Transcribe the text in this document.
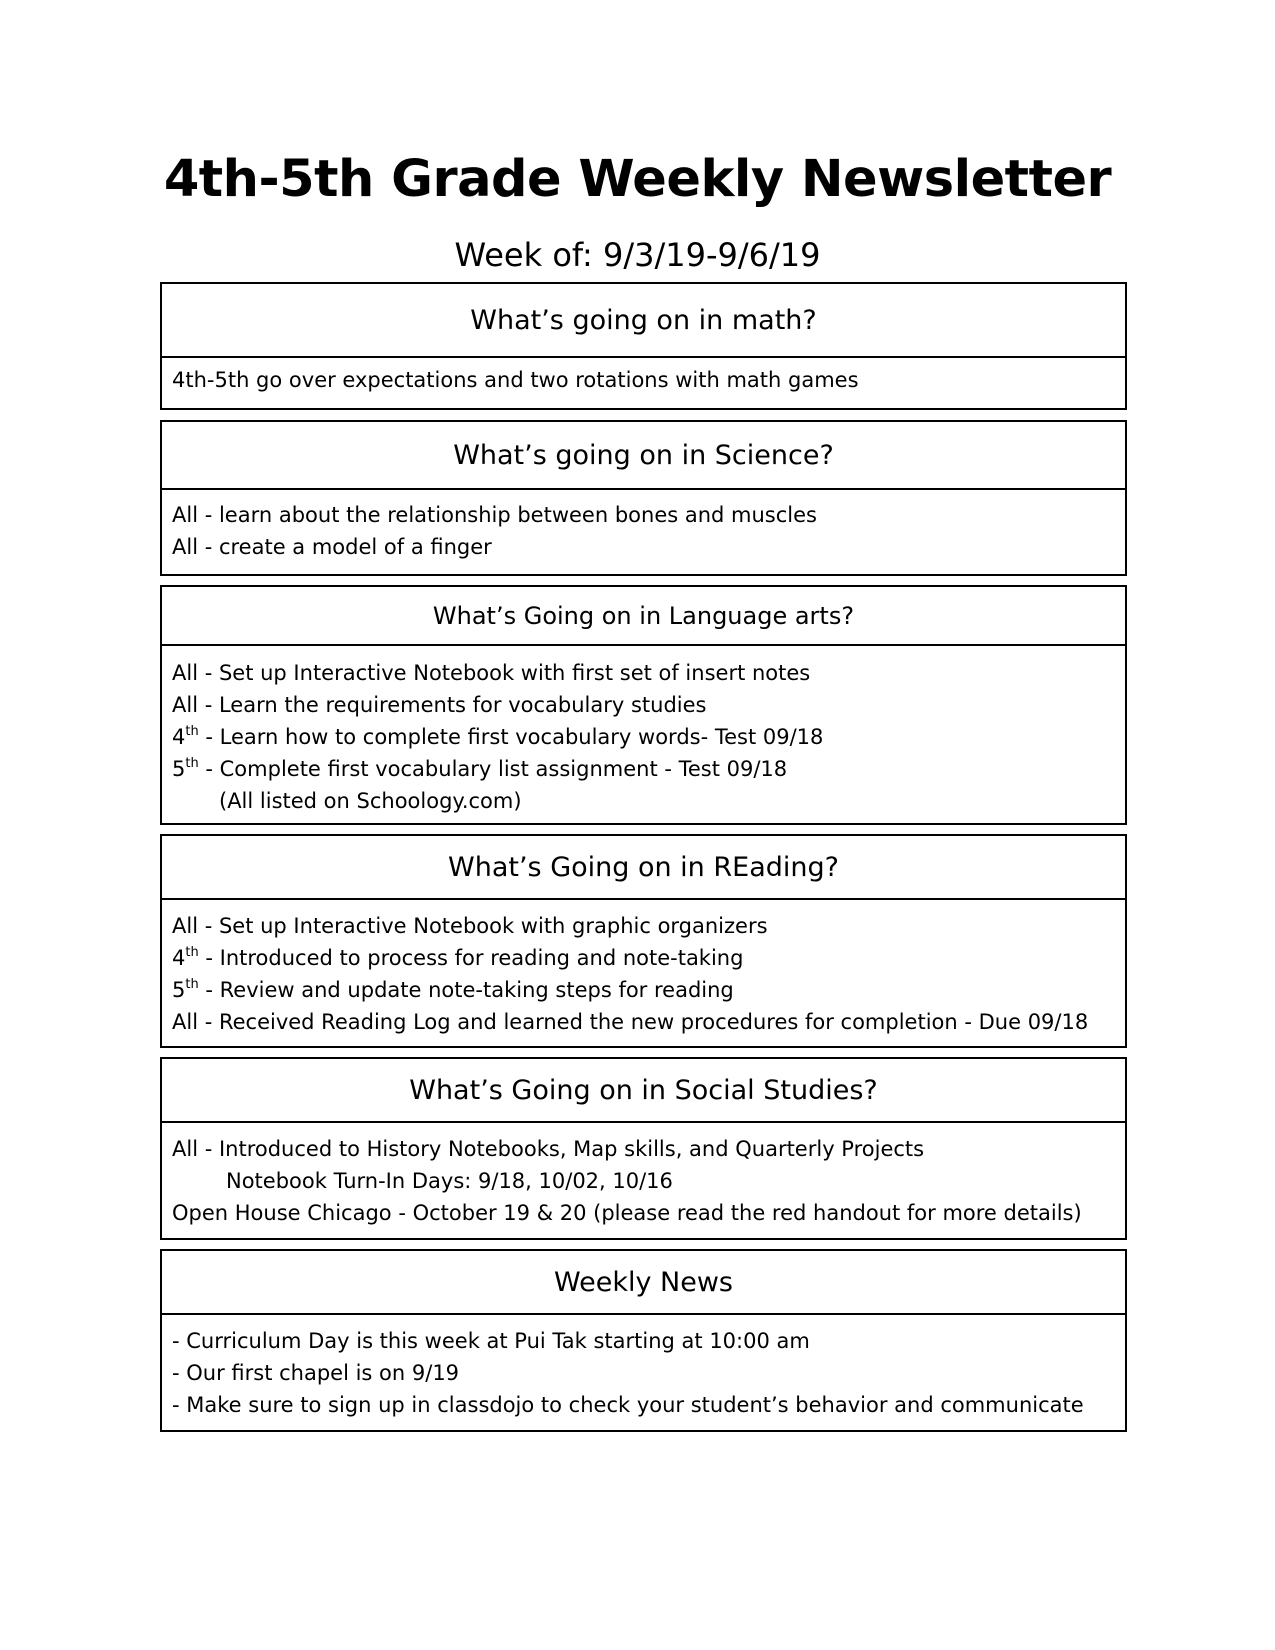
4th-5th Grade Weekly Newsletter
Week of: 9/3/19-9/6/19
What’s going on in math?
4th-5th go over expectations and two rotations with math games
What’s going on in Science?
All - learn about the relationship between bones and muscles
All - create a model of a finger
What’s Going on in Language arts?
All - Set up Interactive Notebook with first set of insert notes
All - Learn the requirements for vocabulary studies
4th - Learn how to complete first vocabulary words- Test 09/18
5th - Complete first vocabulary list assignment - Test 09/18
(All listed on Schoology.com)
What’s Going on in REading?
All - Set up Interactive Notebook with graphic organizers
4th - Introduced to process for reading and note-taking
5th - Review and update note-taking steps for reading
All - Received Reading Log and learned the new procedures for completion - Due 09/18
What’s Going on in Social Studies?
All - Introduced to History Notebooks, Map skills, and Quarterly Projects
Notebook Turn-In Days: 9/18, 10/02, 10/16
Open House Chicago - October 19 & 20 (please read the red handout for more details)
Weekly News
- Curriculum Day is this week at Pui Tak starting at 10:00 am
- Our first chapel is on 9/19
- Make sure to sign up in classdojo to check your student’s behavior and communicate
